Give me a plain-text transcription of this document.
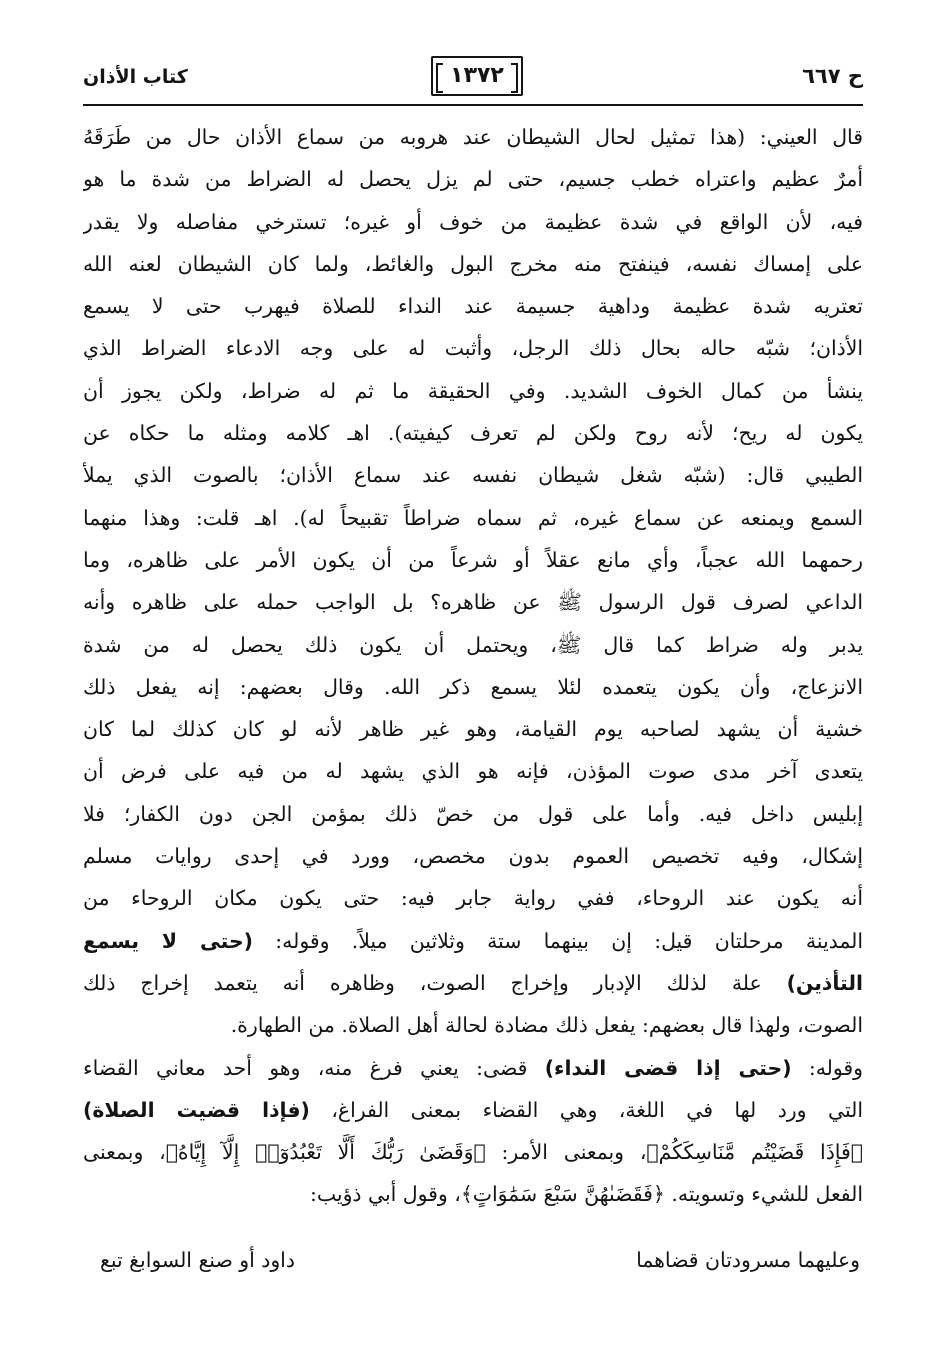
كتاب الأذان	١٣٧٢	ح ٦٦٧
قال العيني: (هذا تمثيل لحال الشيطان عند هروبه من سماع الأذان حال من طَرَقَهُ
أمرٌ عظيم واعتراه خطب جسيم، حتى لم يزل يحصل له الضراط من شدة ما هو
فيه، لأن الواقع في شدة عظيمة من خوف أو غيره؛ تسترخي مفاصله ولا يقدر
على إمساك نفسه، فينفتح منه مخرج البول والغائط، ولما كان الشيطان لعنه الله
تعتريه شدة عظيمة وداهية جسيمة عند النداء للصلاة فيهرب حتى لا يسمع
الأذان؛ شبّه حاله بحال ذلك الرجل، وأثبت له على وجه الادعاء الضراط الذي
ينشأ من كمال الخوف الشديد. وفي الحقيقة ما ثم له ضراط، ولكن يجوز أن
يكون له ريح؛ لأنه روح ولكن لم تعرف كيفيته). اهـ كلامه ومثله ما حكاه عن
الطيبي قال: (شبّه شغل شيطان نفسه عند سماع الأذان؛ بالصوت الذي يملأ
السمع ويمنعه عن سماع غيره، ثم سماه ضراطاً تقبيحاً له). اهـ قلت: وهذا منهما
رحمهما الله عجباً، وأي مانع عقلاً أو شرعاً من أن يكون الأمر على ظاهره، وما
الداعي لصرف قول الرسول ﷺ عن ظاهره؟ بل الواجب حمله على ظاهره وأنه
يدبر وله ضراط كما قال ﷺ، ويحتمل أن يكون ذلك يحصل له من شدة
الانزعاج، وأن يكون يتعمده لئلا يسمع ذكر الله. وقال بعضهم: إنه يفعل ذلك
خشية أن يشهد لصاحبه يوم القيامة، وهو غير ظاهر لأنه لو كان كذلك لما كان
يتعدى آخر مدى صوت المؤذن، فإنه هو الذي يشهد له من فيه على فرض أن
إبليس داخل فيه. وأما على قول من خصّ ذلك بمؤمن الجن دون الكفار؛ فلا
إشكال، وفيه تخصيص العموم بدون مخصص، وورد في إحدى روايات مسلم
أنه يكون عند الروحاء، ففي رواية جابر فيه: حتى يكون مكان الروحاء من
المدينة مرحلتان قيل: إن بينهما ستة وثلاثين ميلاً. وقوله: (حتى لا يسمع
التأذين) علة لذلك الإدبار وإخراج الصوت، وظاهره أنه يتعمد إخراج ذلك
الصوت، ولهذا قال بعضهم: يفعل ذلك مضادة لحالة أهل الصلاة. من الطهارة.
وقوله: (حتى إذا قضى النداء) قضى: يعني فرغ منه، وهو أحد معاني القضاء
التي ورد لها في اللغة، وهي القضاء بمعنى الفراغ، (فإذا قضيت الصلاة)
﴿فَإِذَا قَضَيْتُم مَّنَاسِكَكُمْ﴾، وبمعنى الأمر: ﴿وَقَضَىٰ رَبُّكَ أَلَّا تَعْبُدُوٓا۟ إِلَّآ إِيَّاهُ﴾، وبمعنى
الفعل للشيء وتسويته. ﴿فَقَضَىٰهُنَّ سَبْعَ سَمَٰوَاتٍ﴾، وقول أبي ذؤيب:
وعليهما مسرودتان قضاهما
داود أو صنع السوابغ تبع
